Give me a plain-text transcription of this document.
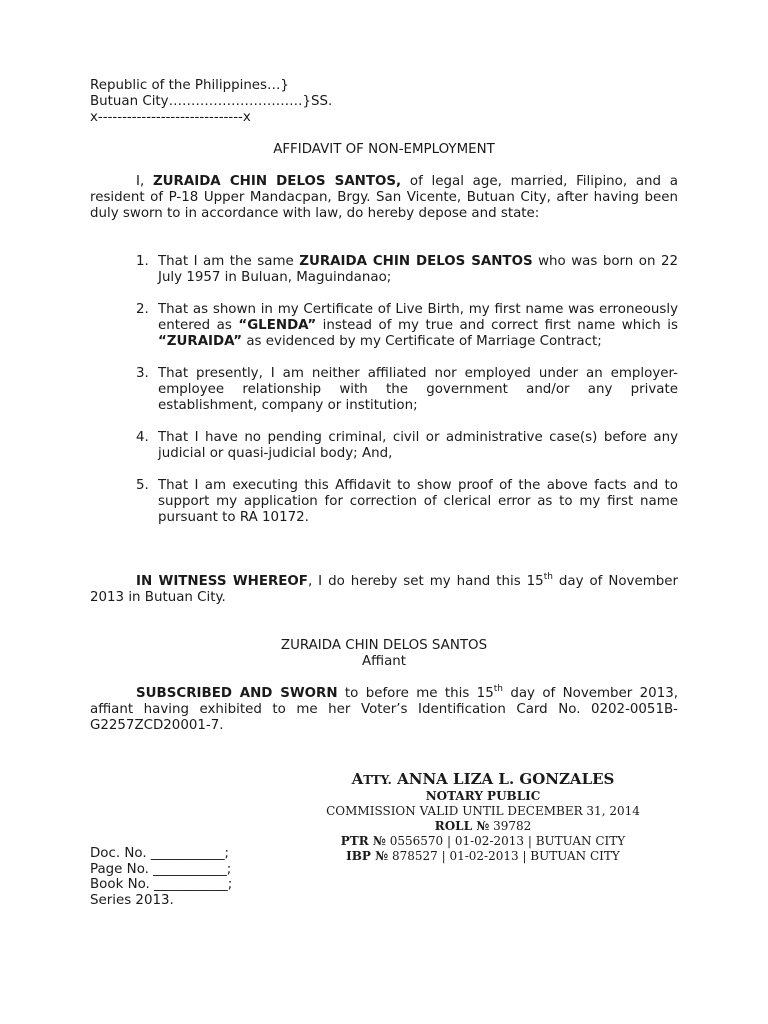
Republic of the Philippines…}
Butuan City…………………………}SS.
x------------------------------x
AFFIDAVIT OF NON-EMPLOYMENT
I, ZURAIDA CHIN DELOS SANTOS, of legal age, married, Filipino, and a resident of P-18 Upper Mandacpan, Brgy. San Vicente, Butuan City, after having been duly sworn to in accordance with law, do hereby depose and state:
1. That I am the same ZURAIDA CHIN DELOS SANTOS who was born on 22 July 1957 in Buluan, Maguindanao;
2. That as shown in my Certificate of Live Birth, my first name was erroneously entered as “GLENDA” instead of my true and correct first name which is “ZURAIDA” as evidenced by my Certificate of Marriage Contract;
3. That presently, I am neither affiliated nor employed under an employer-employee relationship with the government and/or any private establishment, company or institution;
4. That I have no pending criminal, civil or administrative case(s) before any judicial or quasi-judicial body; And,
5. That I am executing this Affidavit to show proof of the above facts and to support my application for correction of clerical error as to my first name pursuant to RA 10172.
IN WITNESS WHEREOF, I do hereby set my hand this 15th day of November 2013 in Butuan City.
ZURAIDA CHIN DELOS SANTOS
Affiant
SUBSCRIBED AND SWORN to before me this 15th day of November 2013, affiant having exhibited to me her Voter’s Identification Card No. 0202-0051B-G2257ZCD20001-7.
ATTY. ANNA LIZA L. GONZALES
NOTARY PUBLIC
COMMISSION VALID UNTIL DECEMBER 31, 2014
ROLL № 39782
PTR № 0556570 | 01-02-2013 | BUTUAN CITY
IBP № 878527 | 01-02-2013 | BUTUAN CITY
Doc. No. ___________;
Page No. ___________;
Book No. ___________;
Series 2013.
